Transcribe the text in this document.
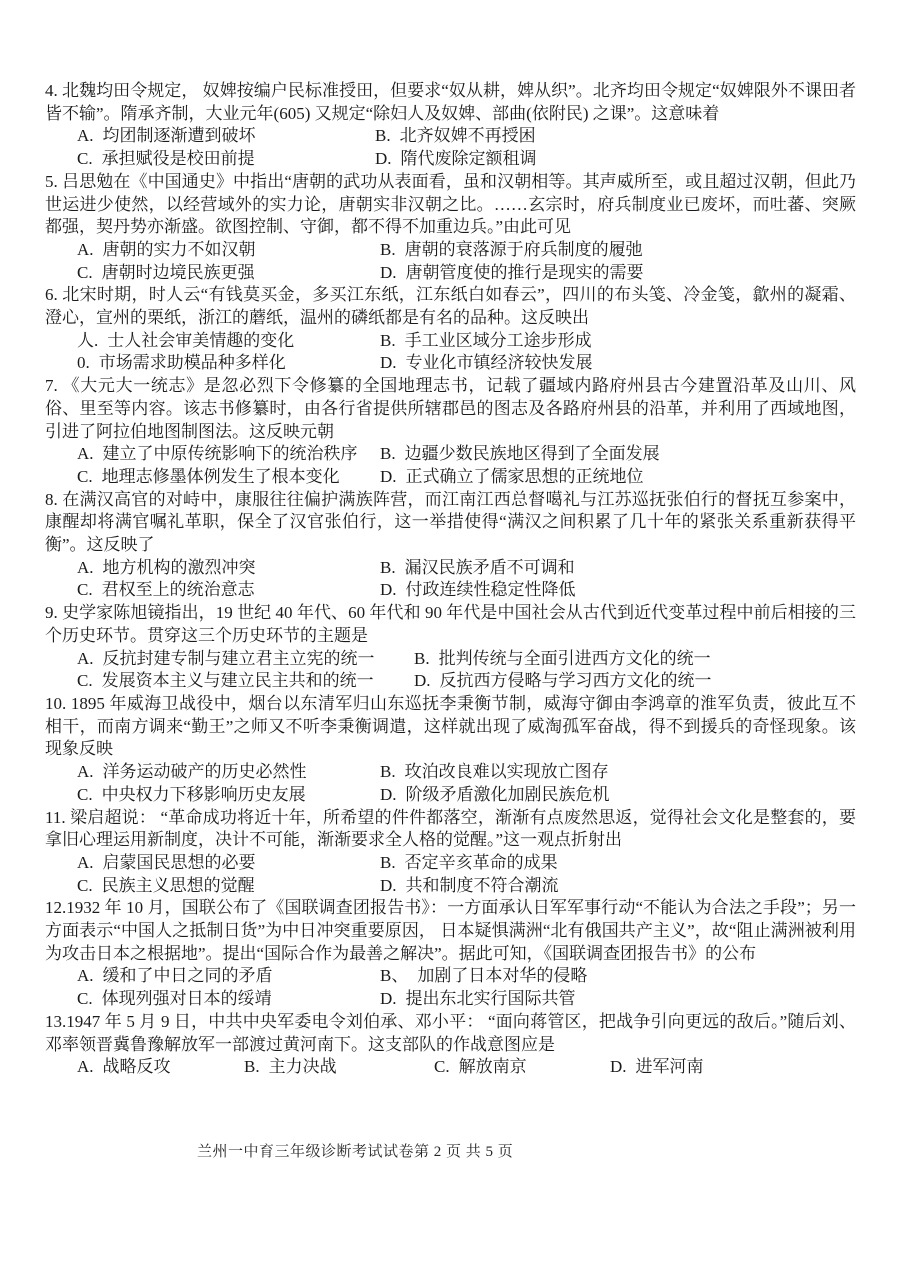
4. 北魏均田令规定， 奴婢按编户民标准授田，但要求“奴从耕，婢从织”。北齐均田令规定“奴婢限外不课田者皆不输”。隋承齐制，大业元年(605) 又规定“除妇人及奴婢、部曲(依附民) 之课”。这意味着

A. 均团制逐渐遭到破坏	B. 北齐奴婢不再授困
C. 承担赋役是校田前提	D. 隋代废除定额租调

5. 吕思勉在《中国通史》中指出“唐朝的武功从表面看，虽和汉朝相等。其声威所至，或且超过汉朝，但此乃世运进少使然，以经营域外的实力论，唐朝实非汉朝之比。……玄宗时，府兵制度业已废坏，而吐蕃、突厥都强，契丹势亦渐盛。欲图控制、守御，都不得不加重边兵。”由此可见

A. 唐朝的实力不如汉朝	B. 唐朝的衰落源于府兵制度的履弛
C. 唐朝时边境民族更强	D. 唐朝管度使的推行是现实的需要

6. 北宋时期，时人云“有钱莫买金，多买江东纸，江东纸白如春云”，四川的布头笺、冷金笺，歙州的凝霜、澄心，宣州的栗纸，浙江的蘑纸，温州的磷纸都是有名的品种。这反映出

人. 士人社会审美情趣的变化	B. 手工业区域分工途步形成
0. 市场需求助模品种多样化	D. 专业化市镇经济较快发展

7. 《大元大一统志》是忽必烈下令修纂的全国地理志书，记载了疆域内路府州县古今建置沿革及山川、风俗、里至等内容。该志书修纂时，由各行省提供所辖郡邑的图志及各路府州县的沿革，并利用了西域地图，引进了阿拉伯地图制图法。这反映元朝

A. 建立了中原传统影响下的统治秩序	B. 边疆少数民族地区得到了全面发展
C. 地理志修墨体例发生了根本变化	D. 正式确立了儒家思想的正统地位

8. 在满汉高官的对峙中，康服往往偏护满族阵营，而江南江西总督噶礼与江苏巡抚张伯行的督抚互参案中，康醒却将满官嘱礼革职，保全了汉官张伯行，这一举措使得“满汉之间积累了几十年的紧张关系重新获得平衡”。这反映了

A. 地方机构的激烈冲突	B. 漏汉民族矛盾不可调和
C. 君权至上的统治意志	D. 付政连续性稳定性降低

9. 史学家陈旭镜指出，19 世纪 40 年代、60 年代和 90 年代是中国社会从古代到近代变革过程中前后相接的三个历史环节。贯穿这三个历史环节的主题是

A. 反抗封建专制与建立君主立宪的统一	B. 批判传统与全面引进西方文化的统一
C. 发展资本主义与建立民主共和的统一	D. 反抗西方侵略与学习西方文化的统一

10. 1895 年威海卫战役中，烟台以东清军归山东巡抚李秉衡节制，威海守御由李鸿章的淮军负责，彼此互不相干，而南方调来“勤王”之师又不听李秉衡调遣，这样就出现了威淘孤军奋战，得不到援兵的奇怪现象。该现象反映

A. 洋务运动破产的历史必然性	B. 玫泊改良难以实现放亡图存
C. 中央权力下移影响历史友展	D. 阶级矛盾激化加剧民族危机

11. 梁启超说： “革命成功将近十年，所希望的件件都落空，渐渐有点废然思返，觉得社会文化是整套的，要拿旧心理运用新制度，决计不可能，渐渐要求全人格的觉醒。”这一观点折射出

A. 启蒙国民思想的必要	B. 否定辛亥革命的成果
C. 民族主义思想的觉醒	D. 共和制度不符合潮流

12.1932 年 10 月，国联公布了《国联调查团报告书》：一方面承认日军军事行动“不能认为合法之手段”；另一方面表示“中国人之抵制日货”为中日冲突重要原因， 日本疑惧满洲“北有俄国共产主义”，故“阻止满洲被利用为攻击日本之根据地”。提出“国际合作为最善之解决”。据此可知，《国联调查团报告书》的公布

A. 缓和了中日之同的矛盾	B、 加剧了日本对华的侵略
C. 体现列强对日本的绥靖	D. 提出东北实行国际共管

13.1947 年 5 月 9 日，中共中央军委电令刘伯承、邓小平： “面向蒋管区，把战争引向更远的敌后。”随后刘、邓率领晋冀鲁豫解放军一部渡过黄河南下。这支部队的作战意图应是

A. 战略反攻	B. 主力决战	C. 解放南京	D. 进军河南
兰州一中育三年级诊断考试试卷第 2 页 共 5 页
